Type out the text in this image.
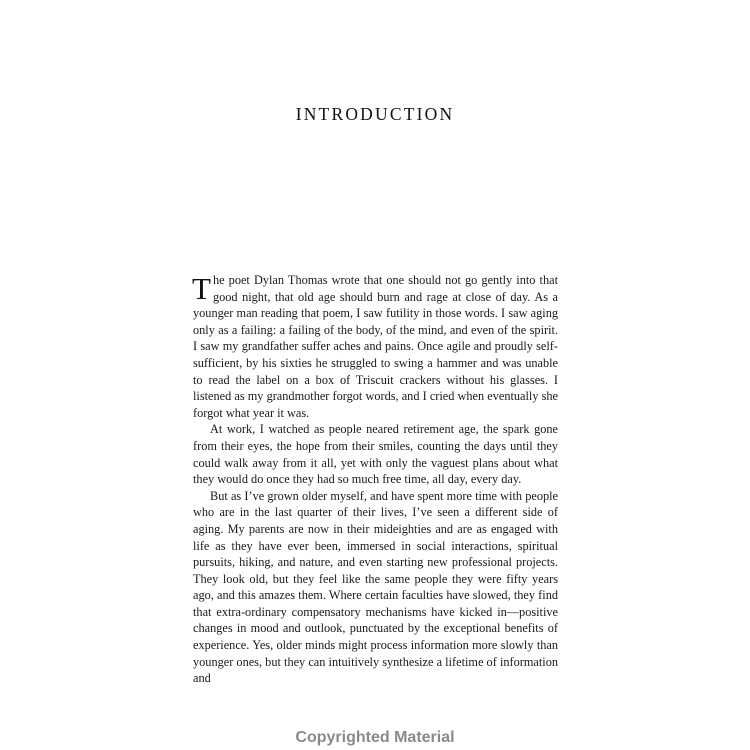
INTRODUCTION

The poet Dylan Thomas wrote that one should not go gently into that good night, that old age should burn and rage at close of day. As a younger man reading that poem, I saw futility in those words. I saw aging only as a failing: a failing of the body, of the mind, and even of the spirit. I saw my grandfather suffer aches and pains. Once agile and proudly self-sufficient, by his sixties he struggled to swing a hammer and was unable to read the label on a box of Triscuit crackers without his glasses. I listened as my grandmother forgot words, and I cried when eventually she forgot what year it was.

At work, I watched as people neared retirement age, the spark gone from their eyes, the hope from their smiles, counting the days until they could walk away from it all, yet with only the vaguest plans about what they would do once they had so much free time, all day, every day.

But as I’ve grown older myself, and have spent more time with people who are in the last quarter of their lives, I’ve seen a different side of aging. My parents are now in their mideighties and are as engaged with life as they have ever been, immersed in social interactions, spiritual pursuits, hiking, and nature, and even starting new professional projects. They look old, but they feel like the same people they were fifty years ago, and this amazes them. Where certain faculties have slowed, they find that extra-ordinary compensatory mechanisms have kicked in—positive changes in mood and outlook, punctuated by the exceptional benefits of experience. Yes, older minds might process information more slowly than younger ones, but they can intuitively synthesize a lifetime of information and

Copyrighted Material
